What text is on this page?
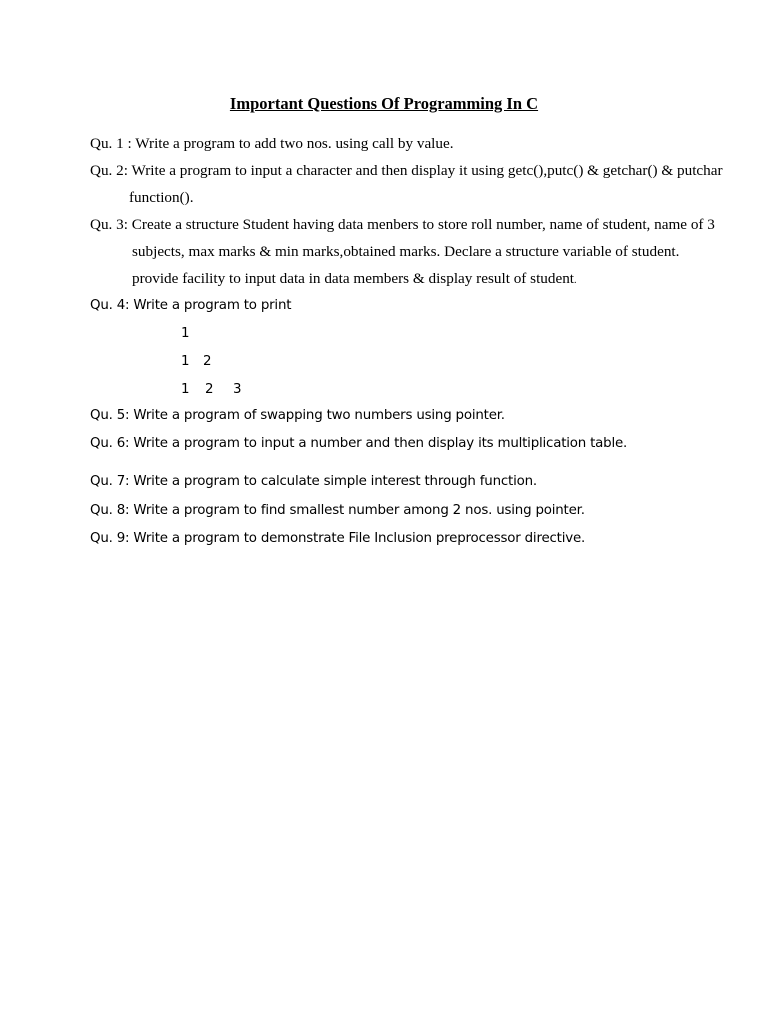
Important Questions Of Programming In C
Qu. 1 : Write a program to add two nos. using call by value.
Qu. 2: Write a program to input a character and then display it using getc(),putc() & getchar() & putchar
function().
Qu. 3: Create a structure Student having data menbers to store roll number, name of student, name of 3
subjects, max marks & min marks,obtained marks. Declare a structure variable of student.
provide facility to input data in data members & display result of student.
Qu. 4: Write a program to print
1
1 2
1 2 3
Qu. 5: Write a program of swapping two numbers using pointer.
Qu. 6: Write a program to input a number and then display its multiplication table.
Qu. 7: Write a program to calculate simple interest through function.
Qu. 8: Write a program to find smallest number among 2 nos. using pointer.
Qu. 9: Write a program to demonstrate File Inclusion preprocessor directive.
